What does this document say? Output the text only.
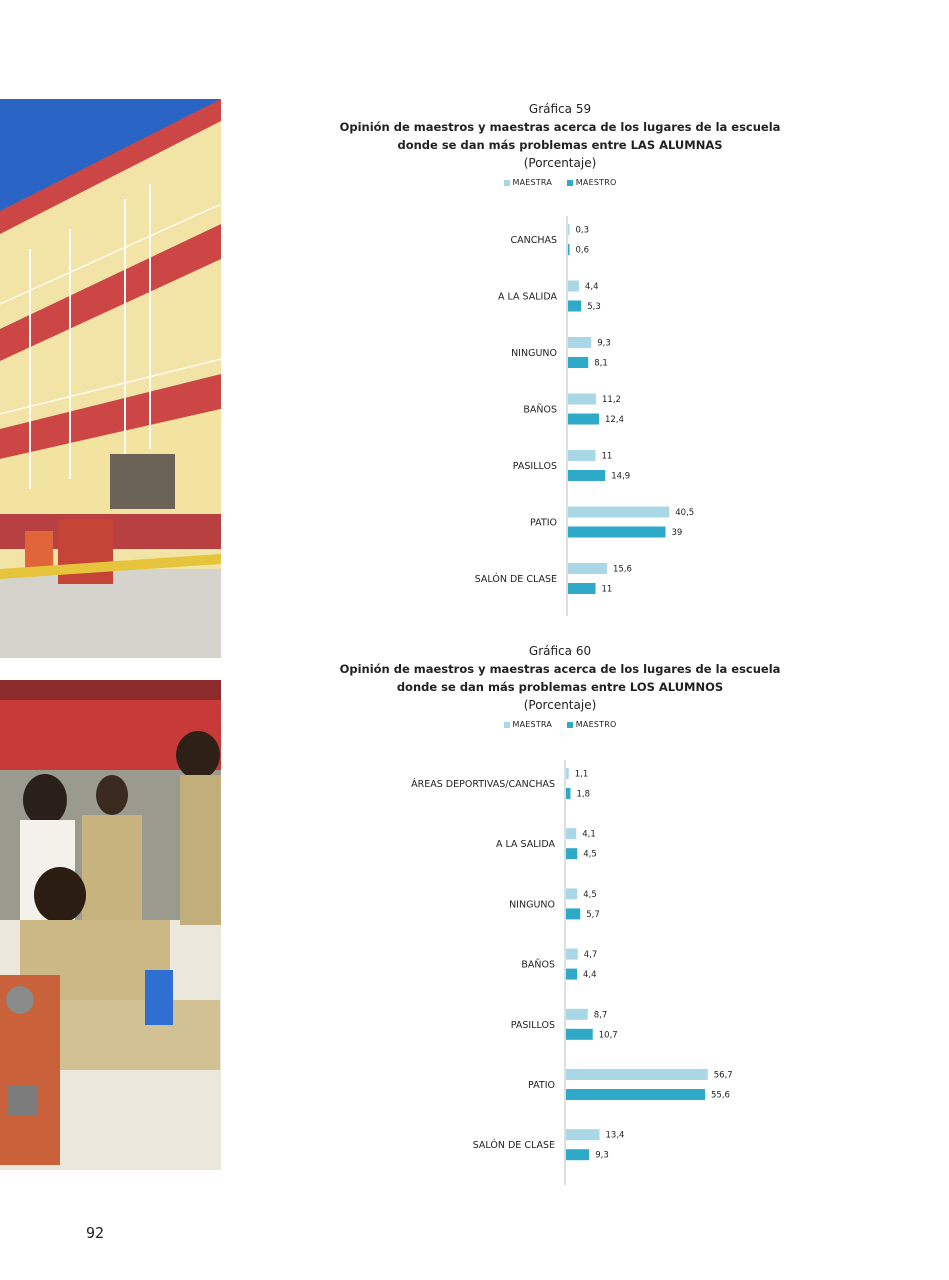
Gráfica 59
Opinión de maestros y maestras acerca de los lugares de la escuela
donde se dan más problemas entre LAS ALUMNAS
(Porcentaje)
MAESTRA	MAESTRO
CANCHAS
0,3
0,6
A LA SALIDA
4,4
5,3
NINGUNO
9,3
8,1
BAÑOS
11,2
12,4
PASILLOS
11
14,9
PATIO
40,5
39
SALÓN DE CLASE
15,6
11
Gráfica 60
Opinión de maestros y maestras acerca de los lugares de la escuela
donde se dan más problemas entre LOS ALUMNOS
(Porcentaje)
MAESTRA	MAESTRO
ÁREAS DEPORTIVAS/CANCHAS
1,1
1,8
A LA SALIDA
4,1
4,5
NINGUNO
4,5
5,7
BAÑOS
4,7
4,4
PASILLOS
8,7
10,7
PATIO
56,7
55,6
SALÓN DE CLASE
13,4
9,3
92
